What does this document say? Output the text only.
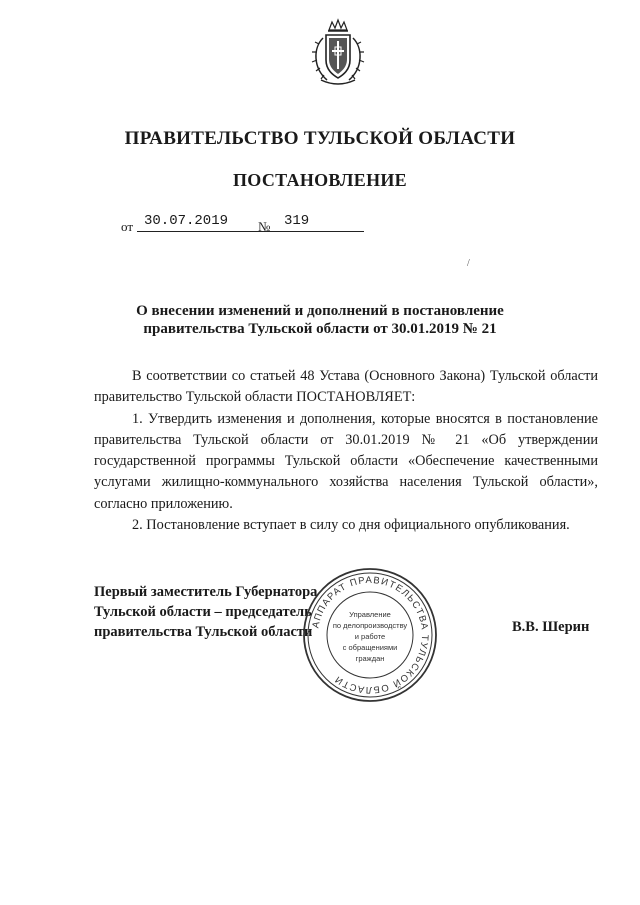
ПРАВИТЕЛЬСТВО ТУЛЬСКОЙ ОБЛАСТИ
ПОСТАНОВЛЕНИЕ
от 30.07.2019 № 319
/
О внесении изменений и дополнений в постановление
правительства Тульской области от 30.01.2019 № 21

В соответствии со статьей 48 Устава (Основного Закона) Тульской области правительство Тульской области ПОСТАНОВЛЯЕТ:

1. Утвердить изменения и дополнения, которые вносятся в постановление правительства Тульской области от 30.01.2019 № 21 «Об утверждении государственной программы Тульской области «Обеспечение качественными услугами жилищно-коммунального хозяйства населения Тульской области», согласно приложению.

2. Постановление вступает в силу со дня официального опубликования.

Первый заместитель Губернатора
Тульской области – председатель
правительства Тульской области	В.В. Шерин
АППАРАТ ПРАВИТЕЛЬСТВА ТУЛЬСКОЙ ОБЛАСТИ
Управление
по делопроизводству
и работе
с обращениями
граждан
